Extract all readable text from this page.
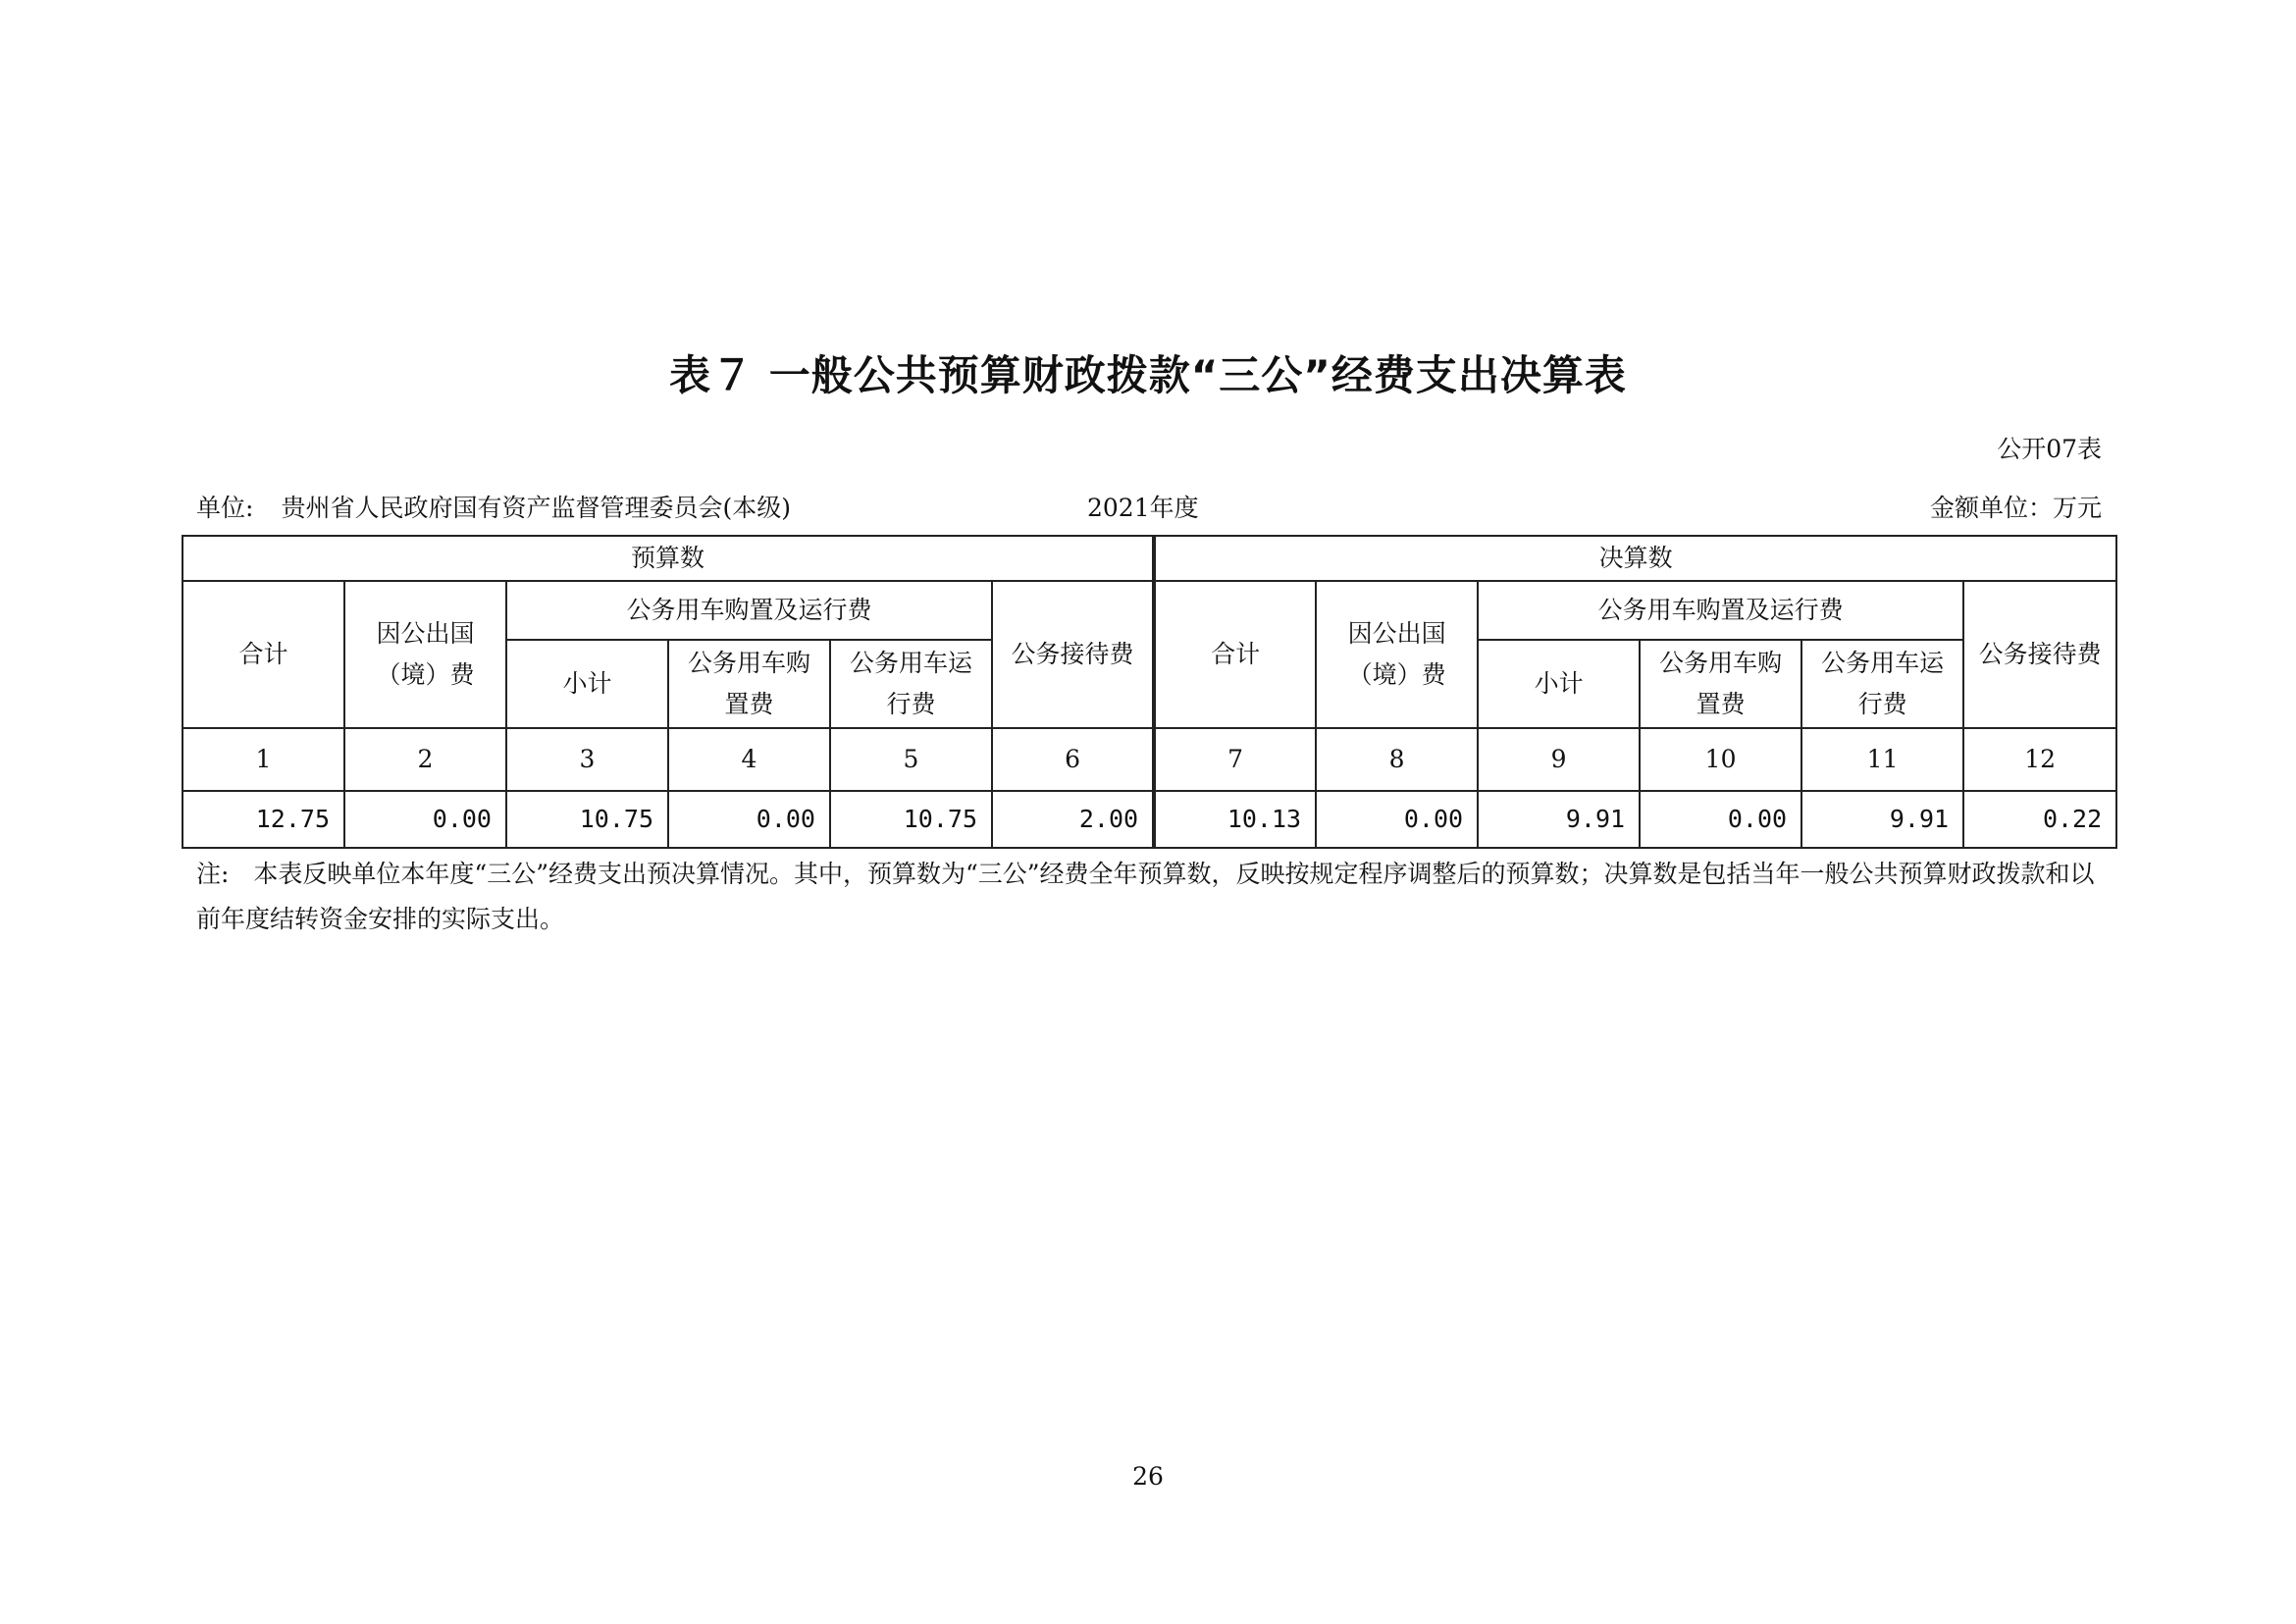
表７ 一般公共预算财政拨款“三公”经费支出决算表
公开07表
单位: 贵州省人民政府国有资产监督管理委员会(本级)	2021年度	金额单位：万元
预算数						决算数					
合计	因公出国（境）费	公务用车购置及运行费			公务接待费	合计	因公出国（境）费	公务用车购置及运行费			公务接待费
		小计	公务用车购置费	公务用车运行费				小计	公务用车购置费	公务用车运行费	
1	2	3	4	5	6	7	8	9	10	11	12
12.75	0.00	10.75	0.00	10.75	2.00	10.13	0.00	9.91	0.00	9.91	0.22
注:　本表反映单位本年度“三公”经费支出预决算情况。其中，预算数为“三公”经费全年预算数，反映按规定程序调整后的预算数；决算数是包括当年一般公共预算财政拨款和以前年度结转资金安排的实际支出。
26
